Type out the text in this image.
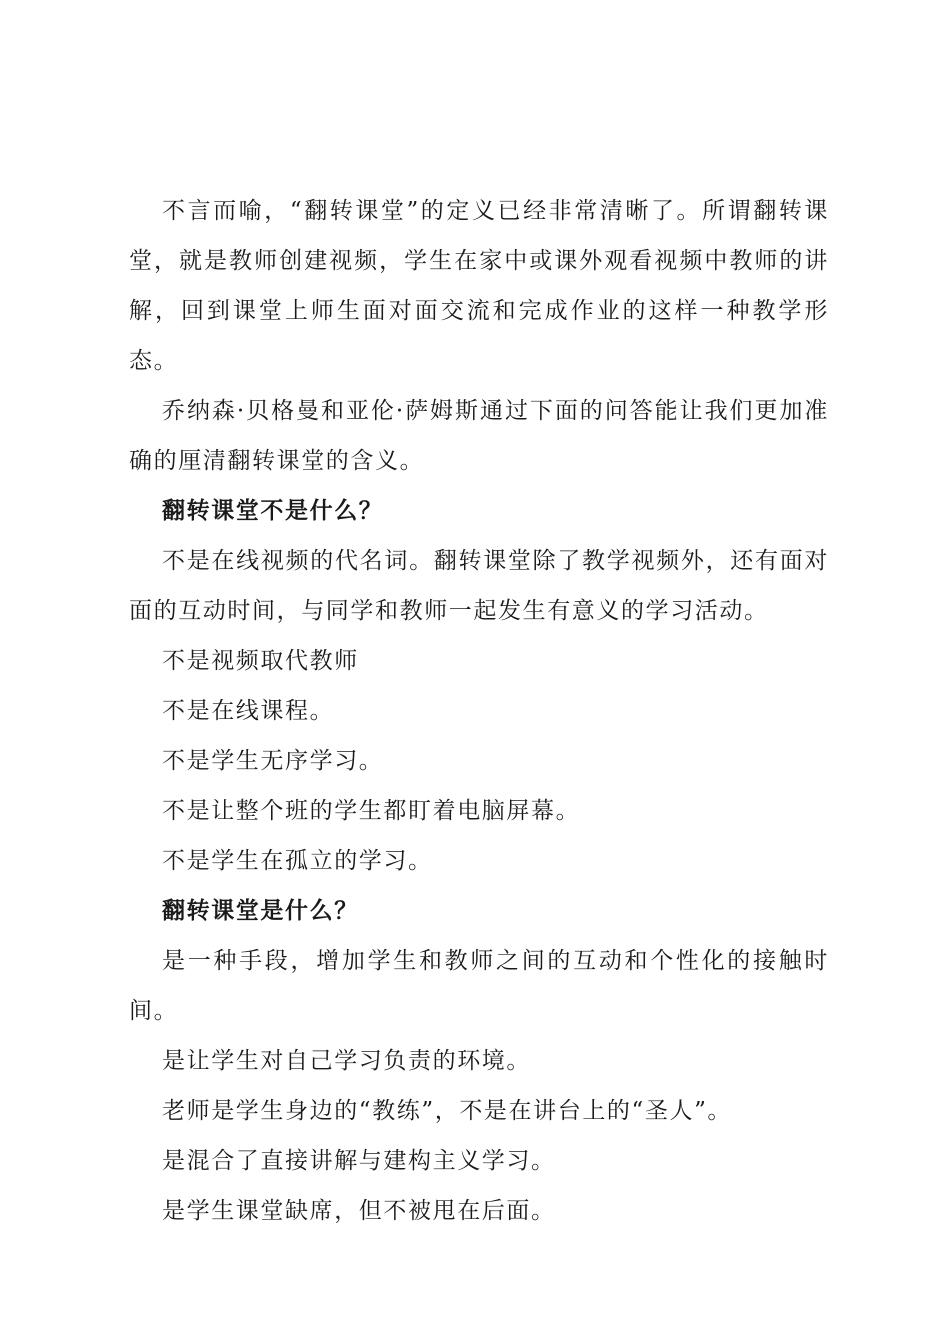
不言而喻，“翻转课堂”的定义已经非常清晰了。所谓翻转课堂，就是教师创建视频，学生在家中或课外观看视频中教师的讲解，回到课堂上师生面对面交流和完成作业的这样一种教学形态。

乔纳森·贝格曼和亚伦·萨姆斯通过下面的问答能让我们更加准确的厘清翻转课堂的含义。

翻转课堂不是什么？

不是在线视频的代名词。翻转课堂除了教学视频外，还有面对面的互动时间，与同学和教师一起发生有意义的学习活动。

不是视频取代教师

不是在线课程。

不是学生无序学习。

不是让整个班的学生都盯着电脑屏幕。

不是学生在孤立的学习。

翻转课堂是什么？

是一种手段，增加学生和教师之间的互动和个性化的接触时间。

是让学生对自己学习负责的环境。

老师是学生身边的“教练”，不是在讲台上的“圣人”。

是混合了直接讲解与建构主义学习。

是学生课堂缺席，但不被甩在后面。
